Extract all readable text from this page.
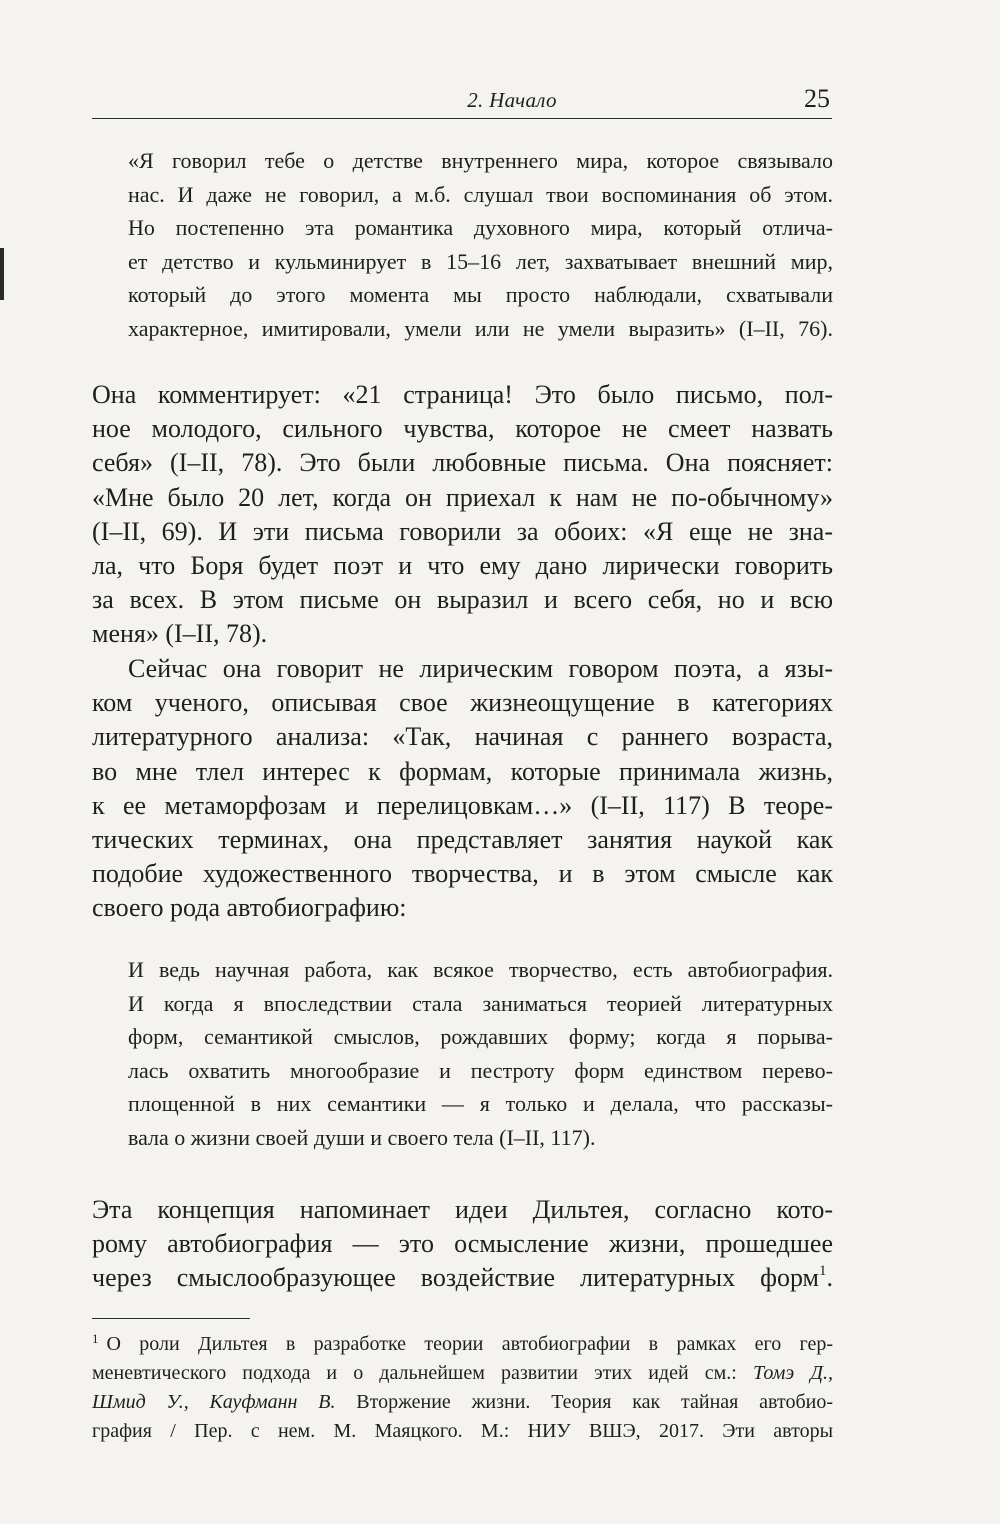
2. Начало	25
«Я говорил тебе о детстве внутреннего мира, которое связывало
нас. И даже не говорил, а м.б. слушал твои воспоминания об этом.
Но постепенно эта романтика духовного мира, который отлича-
ет детство и кульминирует в 15–16 лет, захватывает внешний мир,
который до этого момента мы просто наблюдали, схватывали
характерное, имитировали, умели или не умели выразить» (I–II, 76).
Она комментирует: «21 страница! Это было письмо, пол-
ное молодого, сильного чувства, которое не смеет назвать
себя» (I–II, 78). Это были любовные письма. Она поясняет:
«Мне было 20 лет, когда он приехал к нам не по-обычному»
(I–II, 69). И эти письма говорили за обоих: «Я еще не зна-
ла, что Боря будет поэт и что ему дано лирически говорить
за всех. В этом письме он выразил и всего себя, но и всю
меня» (I–II, 78).
Сейчас она говорит не лирическим говором поэта, а язы-
ком ученого, описывая свое жизнеощущение в категориях
литературного анализа: «Так, начиная с раннего возраста,
во мне тлел интерес к формам, которые принимала жизнь,
к ее метаморфозам и перелицовкам…» (I–II, 117) В теоре-
тических терминах, она представляет занятия наукой как
подобие художественного творчества, и в этом смысле как
своего рода автобиографию:
И ведь научная работа, как всякое творчество, есть автобиография.
И когда я впоследствии стала заниматься теорией литературных
форм, семантикой смыслов, рождавших форму; когда я порыва-
лась охватить многообразие и пестроту форм единством перево-
площенной в них семантики — я только и делала, что рассказы-
вала о жизни своей души и своего тела (I–II, 117).
Эта концепция напоминает идеи Дильтея, согласно кото-
рому автобиография — это осмысление жизни, прошедшее
через смыслообразующее воздействие литературных форм$^1$.
$^1$ О роли Дильтея в разработке теории автобиографии в рамках его гер-
меневтического подхода и о дальнейшем развитии этих идей см.: Томэ Д.,
Шмид У., Кауфманн В. Вторжение жизни. Теория как тайная автобио-
графия / Пер. с нем. М. Маяцкого. М.: НИУ ВШЭ, 2017. Эти авторы
